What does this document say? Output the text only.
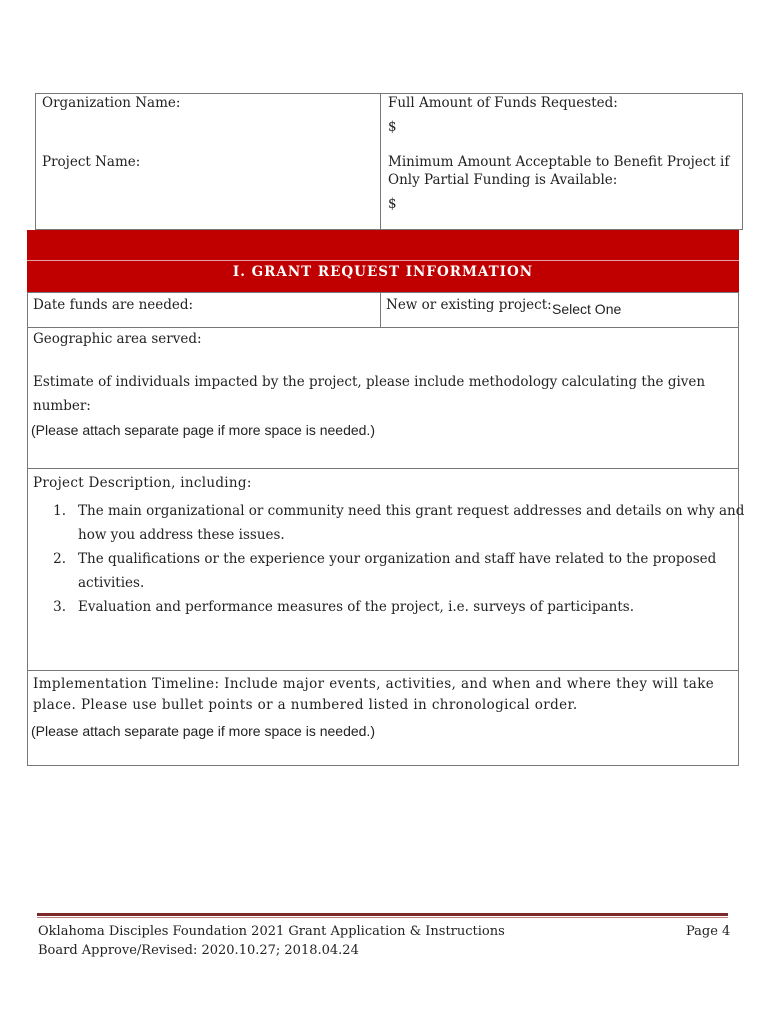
Organization Name:
Project Name:
Full Amount of Funds Requested:
$
Minimum Amount Acceptable to Benefit Project if
Only Partial Funding is Available:
$
I. GRANT REQUEST INFORMATION
Date funds are needed:	New or existing project: Select One
Geographic area served:
Estimate of individuals impacted by the project, please include methodology calculating the given
number:
(Please attach separate page if more space is needed.)
Project Description, including:
1. The main organizational or community need this grant request addresses and details on why and
how you address these issues.
2. The qualifications or the experience your organization and staff have related to the proposed
activities.
3. Evaluation and performance measures of the project, i.e. surveys of participants.
Implementation Timeline: Include major events, activities, and when and where they will take
place. Please use bullet points or a numbered listed in chronological order.
(Please attach separate page if more space is needed.)
Oklahoma Disciples Foundation 2021 Grant Application & Instructions
Board Approve/Revised: 2020.10.27; 2018.04.24
Page 4
